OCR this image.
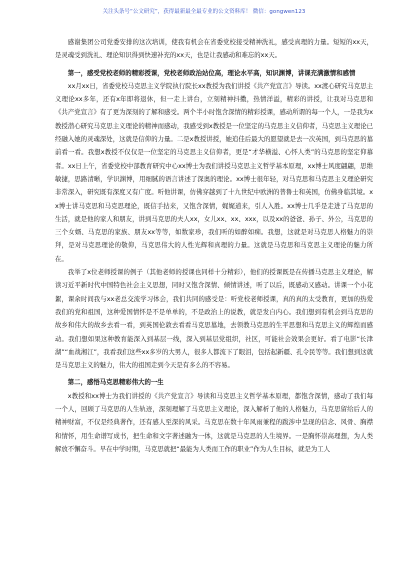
关注头条号“公文研究”，获得最新最全最专业的公文资料库！ 微信：gongwen123

感谢集团公司党委安排的这次培训，使我有机会在省委党校接受精神洗礼，感受真理的力量。短短的xx天，是灵魂受到洗礼、理论知识得到快速补充的xx天，也是让我感动和难忘的xx天。

第一，感受党校老师的精彩授课，党校老师政治站位高，理论水平高，知识渊博，讲课充满激情和感情

xx月xx日，省委党校马克思主义学院执行院长xx教授为我们讲授《共产党宣言》导读。xx渡心研究马克思主义理论xx多年，还有x年即将退休，但一走上讲台，立刻精神抖擞，热情洋溢，精彩的讲授，让我对马克思和《共产党宣言》有了更为深刻的了解和感受。两个半小时饱含深情的精彩授课，感动所谓的每一个人，一是我为x教授潜心研究马克思主义理论的精神而感动，我感受到x教授是一位坚定的马克思主义信仰者，马克思主义理论已经融入她的灵魂深处，这就是信仰的力量。二是x教授讲授，她追佳后最大的愿望就是去一次英国，到马克思的墓前看一看。我想x教授不仅仅是一位坚定的马克思主义信仰者，更是“才华横溢、心怀人类”的马克思的坚定仰慕者。xx日上午，省委党校中部教育研究中心xx博士为我们讲授马克思主义哲学基本原理，xx博士风度翩翩，思维敏捷，思路清晰，学识渊博，用细腻的语言讲述了深奥的理论。xx博士很年轻，对马克思和马克思主义理论研究非常深入，研究既有深度又有广度。听他讲课，仿佛穿越到了十九世纪中欧洲的普鲁士和英国，仿佛身临其境。xx博士讲马克思和马克思理论，既信手拈来，又饱含深情，娓娓道来，引人入胜。xx博士几乎是走进了马克思的生活，就是他的家人和朋友，讲到马克思的夫人xx，女儿xx、xx、xxx，以及xx的爸爸、孙子、外公，马克思的三个女婿、马克思的家族、朋友xx等等，如数家珍，我们听的如醉如痴。我想，这就是对马克思人格魅力的崇拜，是对马克思理论的敬仰，马克思伟大的人性光辉和真理的力量。这就是马克思和马克思主义理论的魅力所在。

我举了x位老师授课的例子（其他老师的授课也同样十分精彩），他们的授课既是在传播马克思主义理论，解读习近平新时代中国特色社会主义思想，同时又饱含深情、倾情讲述，听了以后，既感动又感动。讲课一个小花絮，课余时间我与xx老总交流学习体会，我们共同的感受是：听党校老师授课，真的真的太受教育，更加的热爱我们的党和祖国，这种爱国情怀是不是单单的，不是政治上的说教，就是发自内心。我们想到有机会到马克思的故乡和伟大的故乡去看一看，到英国伦敦去看看马克思墓地，去领教马克思的生平思想和马克思主义的辉煌而感动。我们想如果这种教育能深入到基层一线，深入到基层党组织，社区，可能社会效果会更好。看了电影“长津湖”“血战湘江”，我看我们这些xx多岁的大男人，很多人都流下了眼泪，包括起新疆、孔令民等等。我们想到这就是马克思主义的魅力，伟大的祖国走到今天是有多么的不容易。

第二，感悟马克思精彩伟大的一生

x教授和xx博士为我们讲授的《共产党宣言》导读和马克思主义哲学基本原理，都饱含深情，感动了我们每一个人，回顾了马克思的人生轨迹，深刻理解了马克思主义理论，深入解析了他的人格魅力，马克思留给后人的精神财富，不仅是经典著作，还有感人至深的风采。马克思在数十年风雨兼程的跋涉中呈现的信念、风骨、胸襟和情怀，用生命谱写成书，把生命和文字著述融为一体，这就是马克思的人生境界。一是胸怀崇高理想，为人类解放不懈奋斗。早在中学时期，马克思就把“最能为人类而工作的职业”作为人生目标，就是为工人
